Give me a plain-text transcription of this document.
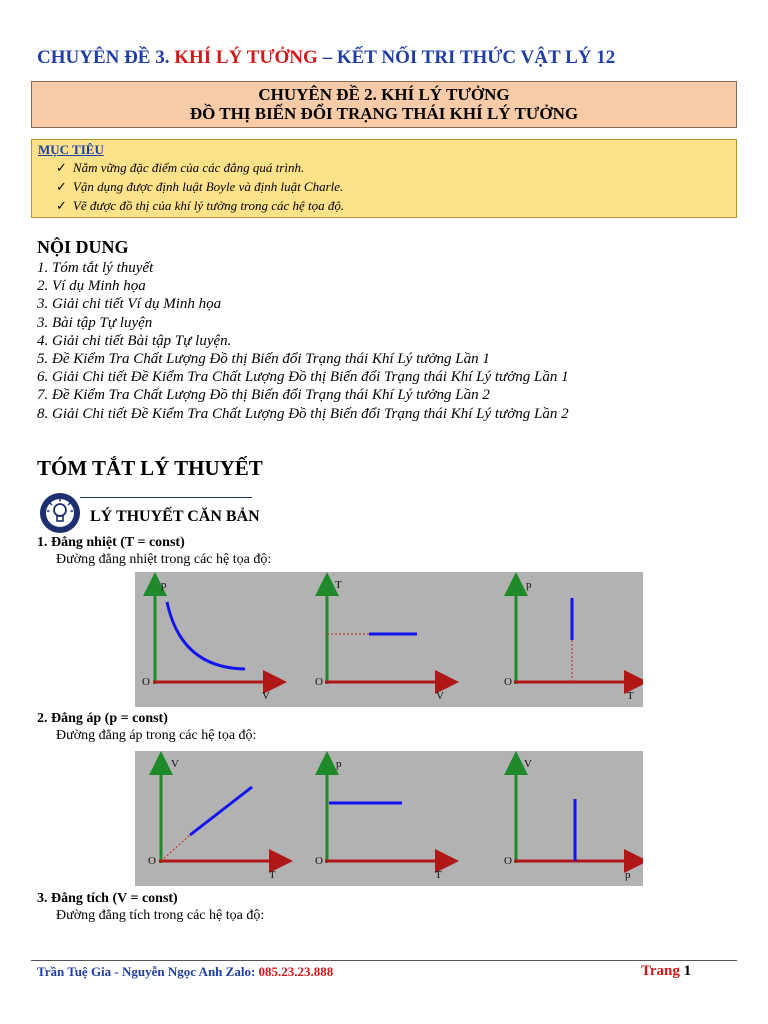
CHUYÊN ĐỀ 3. KHÍ LÝ TƯỞNG – KẾT NỐI TRI THỨC VẬT LÝ 12
CHUYÊN ĐỀ 2. KHÍ LÝ TƯỞNG
ĐỒ THỊ BIẾN ĐỔI TRẠNG THÁI KHÍ LÝ TƯỞNG
MỤC TIÊU
✓ Nắm vững đặc điểm của các đẳng quá trình.
✓ Vận dụng được định luật Boyle và định luật Charle.
✓ Vẽ được đồ thị của khí lý tưởng trong các hệ tọa độ.
NỘI DUNG
1. Tóm tắt lý thuyết
2. Ví dụ Minh họa
3. Giải chi tiết Ví dụ Minh họa
3. Bài tập Tự luyện
4. Giải chi tiết Bài tập Tự luyện.
5. Đề Kiểm Tra Chất Lượng Đồ thị Biến đổi Trạng thái Khí Lý tưởng Lần 1
6. Giải Chi tiết Đề Kiểm Tra Chất Lượng Đồ thị Biến đổi Trạng thái Khí Lý tưởng Lần 1
7. Đề Kiểm Tra Chất Lượng Đồ thị Biến đổi Trạng thái Khí Lý tưởng Lần 2
8. Giải Chi tiết Đề Kiểm Tra Chất Lượng Đồ thị Biến đổi Trạng thái Khí Lý tưởng Lần 2
TÓM TẮT LÝ THUYẾT
LÝ THUYẾT CĂN BẢN
1. Đẳng nhiệt (T = const)
Đường đẳng nhiệt trong các hệ tọa độ:
p
V
O
T
V
O
p
T
O
2. Đẳng áp (p = const)
Đường đẳng áp trong các hệ tọa độ:
V
T
O
p
T
O
V
p
O
3. Đẳng tích (V = const)
Đường đẳng tích trong các hệ tọa độ:
Trần Tuệ Gia - Nguyễn Ngọc Anh Zalo: 085.23.23.888	Trang 1
